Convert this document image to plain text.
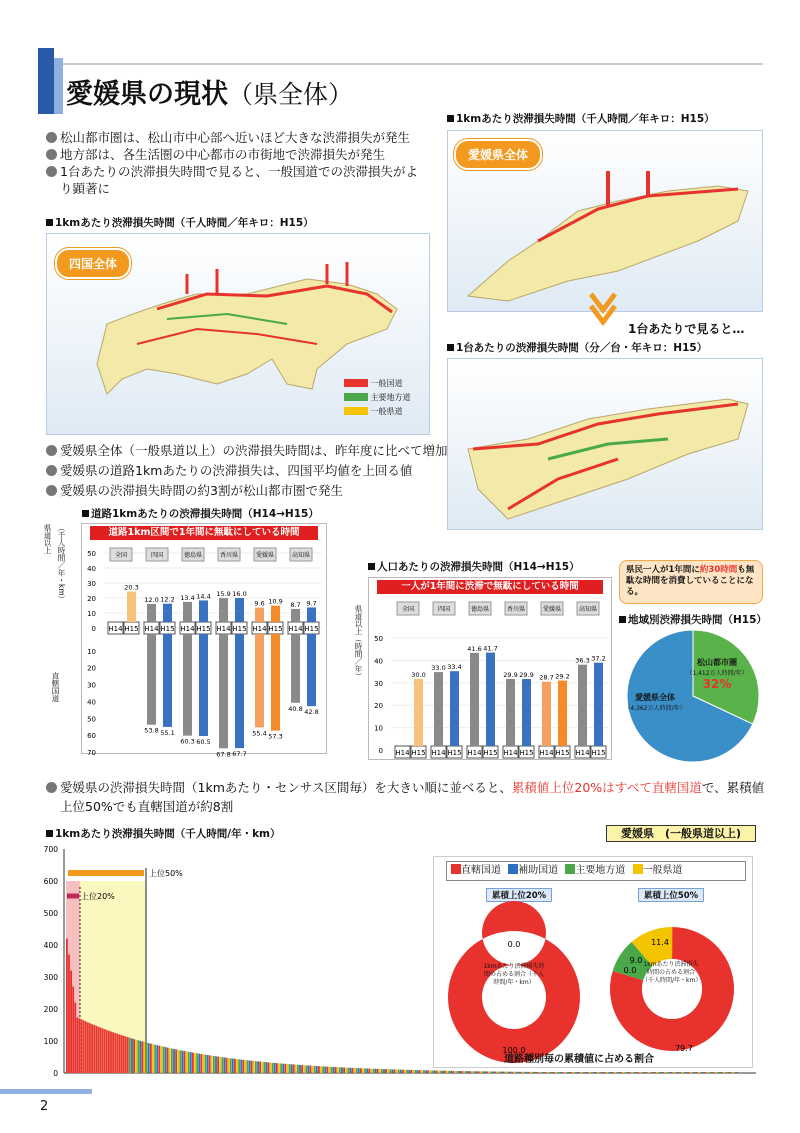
愛媛県の現状（県全体）
松山都市圏は、松山市中心部へ近いほど大きな渋滞損失が発生
地方部は、各生活圏の中心都市の市街地で渋滞損失が発生
1台あたりの渋滞損失時間で見ると、一般国道での渋滞損失がよ
り顕著に
1kmあたり渋滞損失時間（千人時間／年キロ：H15）
四国全体
一般国道
主要地方道
一般県道
1kmあたり渋滞損失時間（千人時間／年キロ：H15）
愛媛県全体
1台あたりで見ると…
1台あたりの渋滞損失時間（分／台・年キロ：H15）
愛媛県全体（一般県道以上）の渋滞損失時間は、昨年度に比べて増加
愛媛県の道路1kmあたりの渋滞損失は、四国平均値を上回る値
愛媛県の渋滞損失時間の約3割が松山都市圏で発生
道路1kmあたりの渋滞損失時間（H14→H15）
県道以上 （千人時間／年・km）
直轄国道
道路1km区間で1年間に無駄にしている時間
50
40
30
20
10
0
10
20
30
40
50
60
70
全国
H14 H15
20.3
四国
H14
12.0
53.8
H15
12.2
55.1
徳島県
H14
13.4
60.3
H15
14.4
60.5
香川県
H14
15.9
67.8
H15
16.0
67.7
愛媛県
H14
9.6
55.4
H15
10.9
57.3
高知県
H14
8.7
40.8
H15
9.7
42.8
人口あたりの渋滞損失時間（H14→H15）
県道以上（時間／年）
一人が1年間に渋滞で無駄にしている時間
50
40
30
20
10
0
全国
H14 H15
30.0
四国
H14
33.0
H15
33.4
徳島県
H14
41.6
H15
41.7
香川県
H14
29.9
H15
29.9
愛媛県
H14
28.7
H15
29.2
高知県
H14
36.3
H15
37.2
県民一人が1年間に約30時間も無駄な時間を消費していることになる。
地域別渋滞損失時間（H15）
松山都市圏
（1,412万人時間/年）
32%
愛媛県全体
（4,362万人時間/年）
愛媛県の渋滞損失時間（1kmあたり・センサス区間毎）を大きい順に並べると、累積値上位20%はすべて直轄国道で、累積値
上位50%でも直轄国道が約8割
1kmあたり渋滞損失時間（千人時間/年・km）	愛媛県　(一般県道以上)
700
600
500
400
300
200
100
0
上位50%
上位20%
直轄国道 補助国道 主要地方道 一般県道
累積上位20%	累積上位50%
0.0
100.0	79.7
0.0
9.0
11.4
1kmあたり渋滞損失時間の占める割合（千人時間/年・km）
1kmあたり渋滞損失時間の占める割合（千人時間/年・km）
道路種別毎の累積値に占める割合
2
